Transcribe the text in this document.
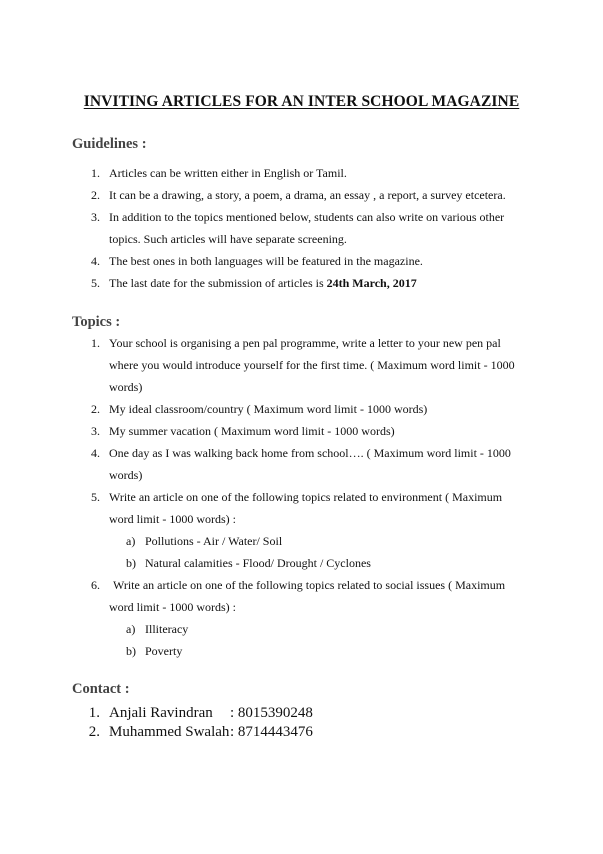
INVITING ARTICLES FOR AN INTER SCHOOL MAGAZINE
Guidelines :
1. Articles can be written either in English or Tamil.
2. It can be a drawing, a story, a poem, a drama, an essay , a report, a survey etcetera.
3. In addition to the topics mentioned below, students can also write on various other
topics. Such articles will have separate screening.
4. The best ones in both languages will be featured in the magazine.
5. The last date for the submission of articles is 24th March, 2017
Topics :
1. Your school is organising a pen pal programme, write a letter to your new pen pal
where you would introduce yourself for the first time. ( Maximum word limit - 1000
words)
2. My ideal classroom/country ( Maximum word limit - 1000 words)
3. My summer vacation ( Maximum word limit - 1000 words)
4. One day as I was walking back home from school…. ( Maximum word limit - 1000
words)
5. Write an article on one of the following topics related to environment ( Maximum
word limit - 1000 words) :
a) Pollutions - Air / Water/ Soil
b) Natural calamities - Flood/ Drought / Cyclones
6. Write an article on one of the following topics related to social issues ( Maximum
word limit - 1000 words) :
a) Illiteracy
b) Poverty
Contact :
1. Anjali Ravindran : 8015390248
2. Muhammed Swalah : 8714443476
